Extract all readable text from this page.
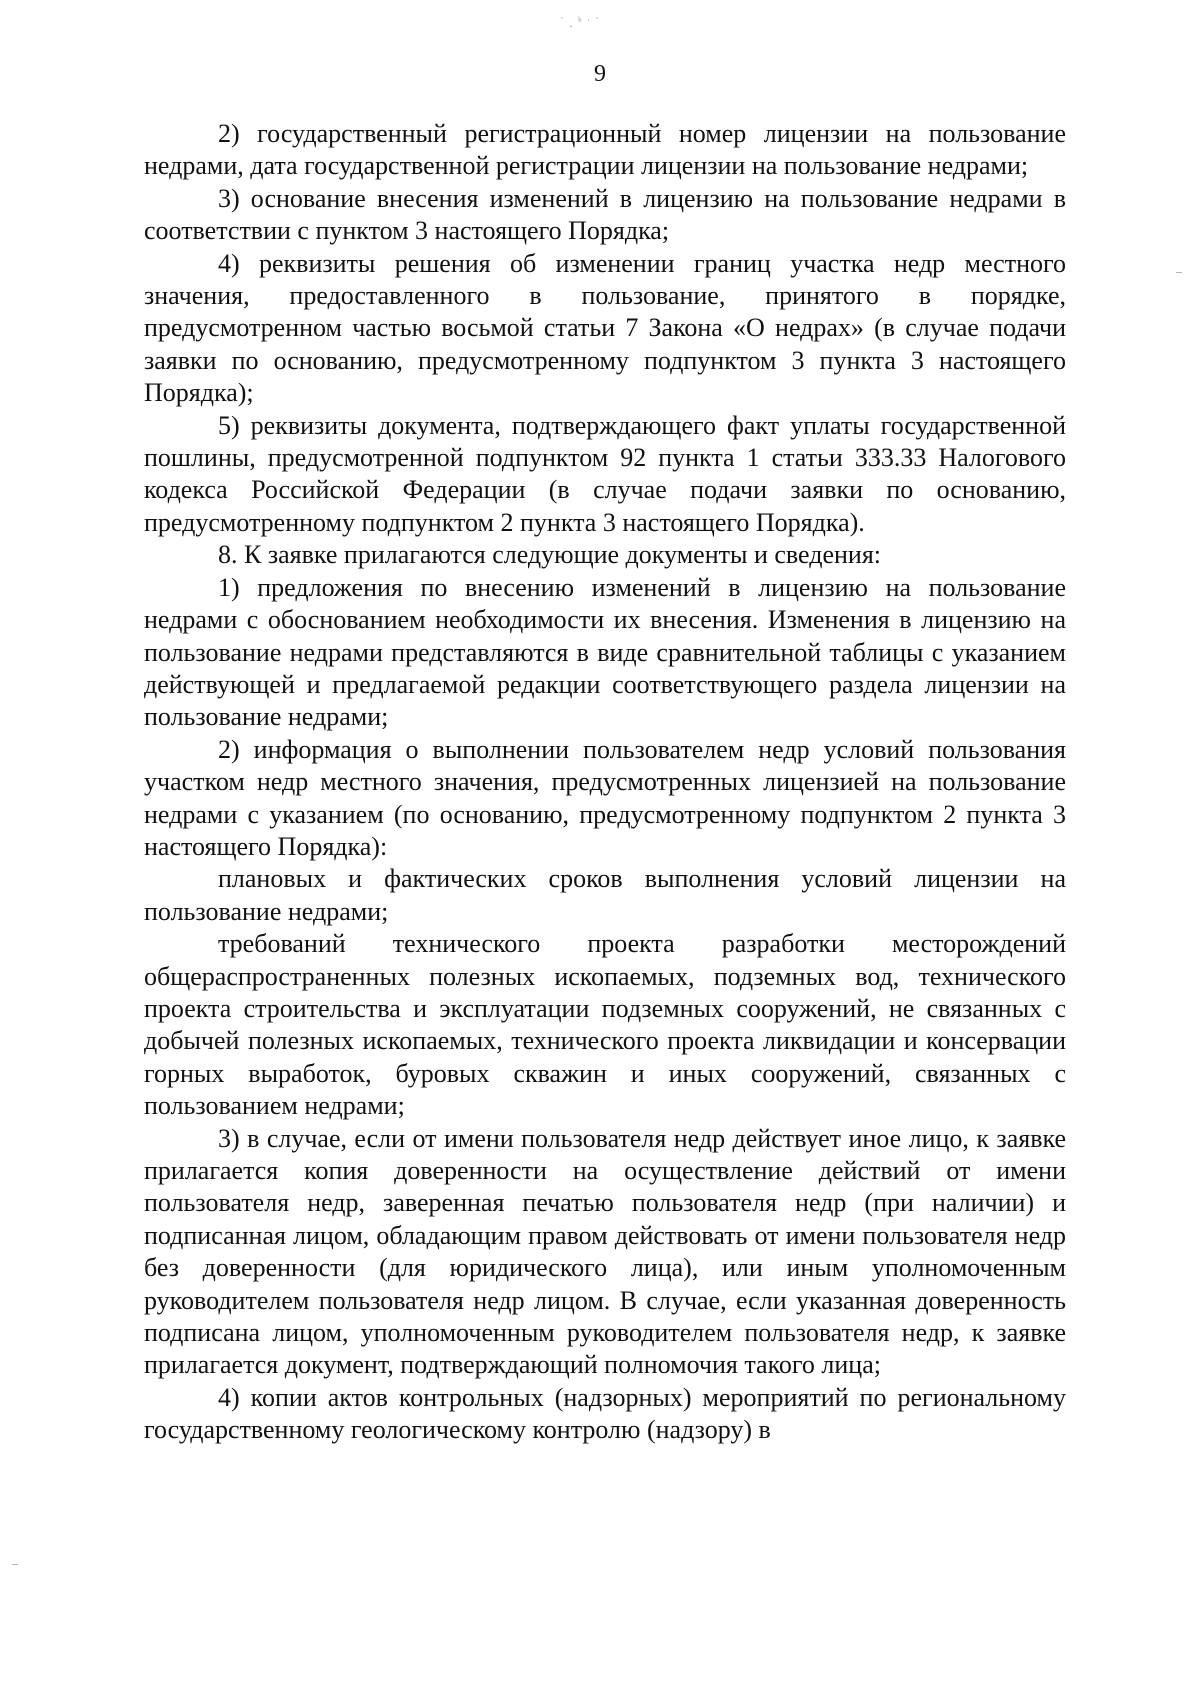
˙ ˏ ᵏ ˑ ˙
9

2) государственный регистрационный номер лицензии на пользование недрами, дата государственной регистрации лицензии на пользование недрами;

3) основание внесения изменений в лицензию на пользование недрами в соответствии с пунктом 3 настоящего Порядка;

4) реквизиты решения об изменении границ участка недр местного значения, предоставленного в пользование, принятого в порядке, предусмотренном частью восьмой статьи 7 Закона «О недрах» (в случае подачи заявки по основанию, предусмотренному подпунктом 3 пункта 3 настоящего Порядка);

5) реквизиты документа, подтверждающего факт уплаты государственной пошлины, предусмотренной подпунктом 92 пункта 1 статьи 333.33 Налогового кодекса Российской Федерации (в случае подачи заявки по основанию, предусмотренному подпунктом 2 пункта 3 настоящего Порядка).

8. К заявке прилагаются следующие документы и сведения:

1) предложения по внесению изменений в лицензию на пользование недрами с обоснованием необходимости их внесения. Изменения в лицензию на пользование недрами представляются в виде сравнительной таблицы с указанием действующей и предлагаемой редакции соответствующего раздела лицензии на пользование недрами;

2) информация о выполнении пользователем недр условий пользования участком недр местного значения, предусмотренных лицензией на пользование недрами с указанием (по основанию, предусмотренному подпунктом 2 пункта 3 настоящего Порядка):

плановых и фактических сроков выполнения условий лицензии на пользование недрами;

требований технического проекта разработки месторождений общераспространенных полезных ископаемых, подземных вод, технического проекта строительства и эксплуатации подземных сооружений, не связанных с добычей полезных ископаемых, технического проекта ликвидации и консервации горных выработок, буровых скважин и иных сооружений, связанных с пользованием недрами;

3) в случае, если от имени пользователя недр действует иное лицо, к заявке прилагается копия доверенности на осуществление действий от имени пользователя недр, заверенная печатью пользователя недр (при наличии) и подписанная лицом, обладающим правом действовать от имени пользователя недр без доверенности (для юридического лица), или иным уполномоченным руководителем пользователя недр лицом. В случае, если указанная доверенность подписана лицом, уполномоченным руководителем пользователя недр, к заявке прилагается документ, подтверждающий полномочия такого лица;

4) копии актов контрольных (надзорных) мероприятий по региональному государственному геологическому контролю (надзору) в
